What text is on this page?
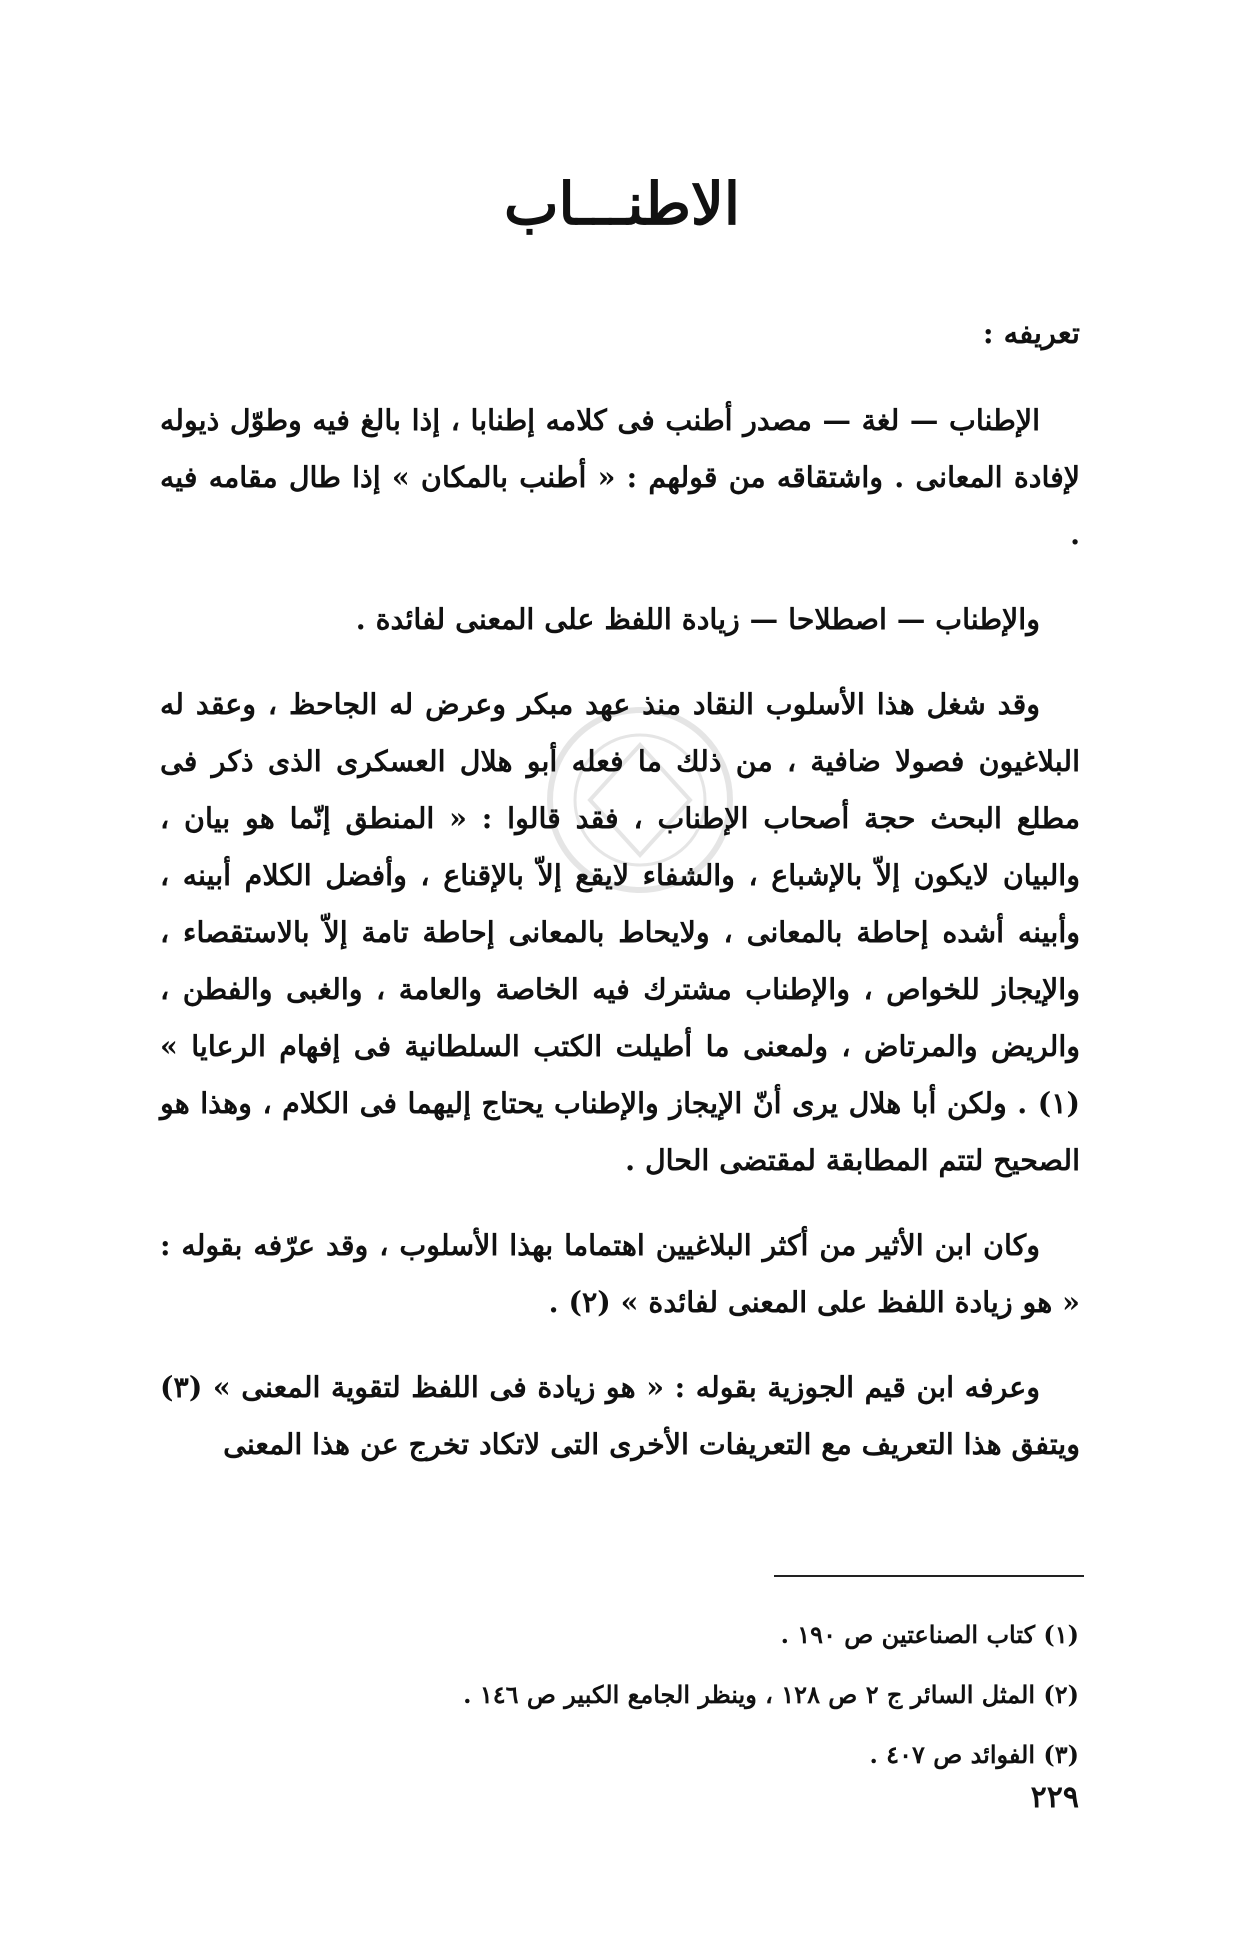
الاطنـــاب

تعريفه :

الإطناب — لغة — مصدر أطنب فى كلامه إطنابا ، إذا بالغ فيه وطوّل ذيوله لإفادة المعانى . واشتقاقه من قولهم : « أطنب بالمكان » إذا طال مقامه فيه .

والإطناب — اصطلاحا — زيادة اللفظ على المعنى لفائدة .

وقد شغل هذا الأسلوب النقاد منذ عهد مبكر وعرض له الجاحظ ، وعقد له البلاغيون فصولا ضافية ، من ذلك ما فعله أبو هلال العسكرى الذى ذكر فى مطلع البحث حجة أصحاب الإطناب ، فقد قالوا : « المنطق إنّما هو بيان ، والبيان لايكون إلاّ بالإشباع ، والشفاء لايقع إلاّ بالإقناع ، وأفضل الكلام أبينه ، وأبينه أشده إحاطة بالمعانى ، ولايحاط بالمعانى إحاطة تامة إلاّ بالاستقصاء ، والإيجاز للخواص ، والإطناب مشترك فيه الخاصة والعامة ، والغبى والفطن ، والريض والمرتاض ، ولمعنى ما أطيلت الكتب السلطانية فى إفهام الرعايا » (١) . ولكن أبا هلال يرى أنّ الإيجاز والإطناب يحتاج إليهما فى الكلام ، وهذا هو الصحيح لتتم المطابقة لمقتضى الحال .

وكان ابن الأثير من أكثر البلاغيين اهتماما بهذا الأسلوب ، وقد عرّفه بقوله : « هو زيادة اللفظ على المعنى لفائدة » (٢) .

وعرفه ابن قيم الجوزية بقوله : « هو زيادة فى اللفظ لتقوية المعنى » (٣) ويتفق هذا التعريف مع التعريفات الأخرى التى لاتكاد تخرج عن هذا المعنى

(١) كتاب الصناعتين ص ١٩٠ .
(٢) المثل السائر ج ٢ ص ١٢٨ ، وينظر الجامع الكبير ص ١٤٦ .
(٣) الفوائد ص ٤٠٧ .
٢٢٩
